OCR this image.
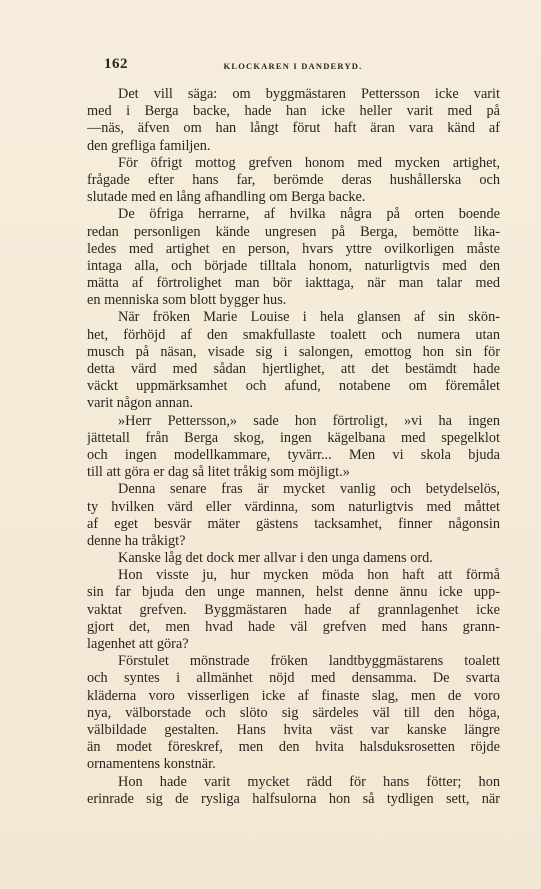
162	KLOCKAREN I DANDERYD.
Det vill säga: om byggmästaren Pettersson icke varit
med i Berga backe, hade han icke heller varit med på
—näs, äfven om han långt förut haft äran vara känd af
den grefliga familjen.
För öfrigt mottog grefven honom med mycken artighet,
frågade efter hans far, berömde deras hushållerska och
slutade med en lång afhandling om Berga backe.
De öfriga herrarne, af hvilka några på orten boende
redan personligen kände ungresen på Berga, bemötte lika-
ledes med artighet en person, hvars yttre ovilkorligen måste
intaga alla, och började tilltala honom, naturligtvis med den
mätta af förtrolighet man bör iakttaga, när man talar med
en menniska som blott bygger hus.
När fröken Marie Louise i hela glansen af sin skön-
het, förhöjd af den smakfullaste toalett och numera utan
musch på näsan, visade sig i salongen, emottog hon sin för
detta värd med sådan hjertlighet, att det bestämdt hade
väckt uppmärksamhet och afund, notabene om föremålet
varit någon annan.
»Herr Pettersson,» sade hon förtroligt, »vi ha ingen
jättetall från Berga skog, ingen kägelbana med spegelklot
och ingen modellkammare, tyvärr... Men vi skola bjuda
till att göra er dag så litet tråkig som möjligt.»
Denna senare fras är mycket vanlig och betydelselös,
ty hvilken värd eller värdinna, som naturligtvis med måttet
af eget besvär mäter gästens tacksamhet, finner någonsin
denne ha tråkigt?
Kanske låg det dock mer allvar i den unga damens ord.
Hon visste ju, hur mycken möda hon haft att förmå
sin far bjuda den unge mannen, helst denne ännu icke upp-
vaktat grefven. Byggmästaren hade af grannlagenhet icke
gjort det, men hvad hade väl grefven med hans grann-
lagenhet att göra?
Förstulet mönstrade fröken landtbyggmästarens toalett
och syntes i allmänhet nöjd med densamma. De svarta
kläderna voro visserligen icke af finaste slag, men de voro
nya, välborstade och slöto sig särdeles väl till den höga,
välbildade gestalten. Hans hvita väst var kanske längre
än modet föreskref, men den hvita halsduksrosetten röjde
ornamentens konstnär.
Hon hade varit mycket rädd för hans fötter; hon
erinrade sig de rysliga halfsulorna hon så tydligen sett, när
